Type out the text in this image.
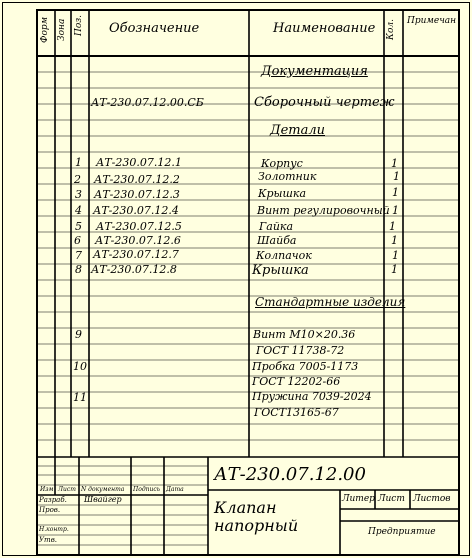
Форм Зона Поз. Обозначение	Наименование Кол. Примечан
Документация
АТ-230.07.12.00.СБ	Сборочный чертеж
Детали
1 АТ-230.07.12.1	Корпус	1
2 АТ-230.07.12.2	Золотник	1
3 АТ-230.07.12.3	Крышка	1
4 АТ-230.07.12.4	Винт регулировочный 1
5 АТ-230.07.12.5	Гайка	1
6 АТ-230.07.12.6	Шайба	1
7 АТ-230.07.12.7	Колпачок	1
8 АТ-230.07.12.8	Крышка	1
Стандартные изделия
9	Винт М10×20.36
ГОСТ 11738-72
10	Пробка 7005-1173
ГОСТ 12202-66
11	Пружина 7039-2024
ГОСТ13165-67
АТ-230.07.12.00
Клапан
напорный
Литер Лист Листов
Предприятие
Изм Лист N документа Подпись Дата
Разраб. Швайгер
Пров.
Н.контр.
Утв.
